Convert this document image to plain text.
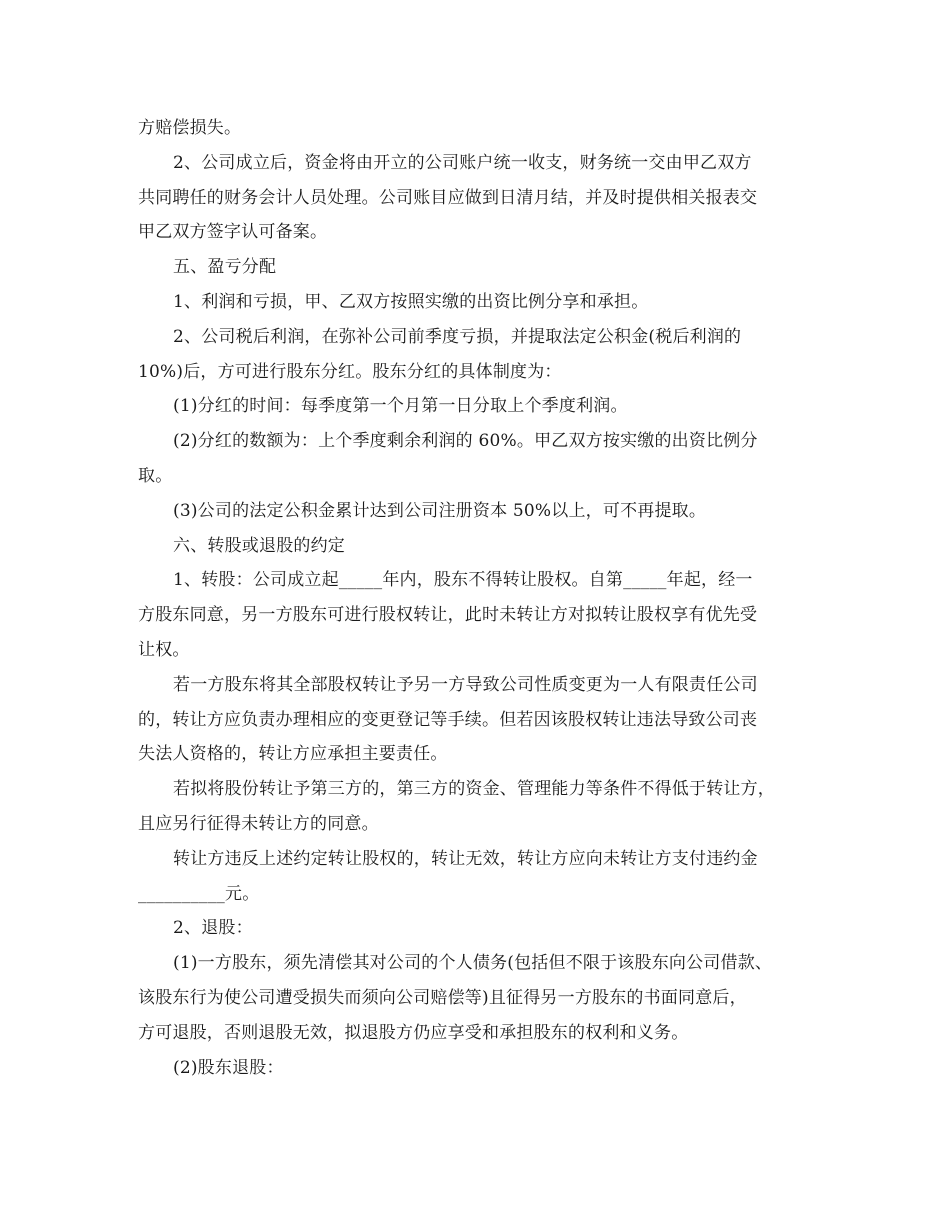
方赔偿损失。
2、公司成立后，资金将由开立的公司账户统一收支，财务统一交由甲乙双方
共同聘任的财务会计人员处理。公司账目应做到日清月结，并及时提供相关报表交
甲乙双方签字认可备案。
五、盈亏分配
1、利润和亏损，甲、乙双方按照实缴的出资比例分享和承担。
2、公司税后利润，在弥补公司前季度亏损，并提取法定公积金(税后利润的
10%)后，方可进行股东分红。股东分红的具体制度为：
(1)分红的时间：每季度第一个月第一日分取上个季度利润。
(2)分红的数额为：上个季度剩余利润的 60%。甲乙双方按实缴的出资比例分
取。
(3)公司的法定公积金累计达到公司注册资本 50%以上，可不再提取。
六、转股或退股的约定
1、转股：公司成立起_____年内，股东不得转让股权。自第_____年起，经一
方股东同意，另一方股东可进行股权转让，此时未转让方对拟转让股权享有优先受
让权。
若一方股东将其全部股权转让予另一方导致公司性质变更为一人有限责任公司
的，转让方应负责办理相应的变更登记等手续。但若因该股权转让违法导致公司丧
失法人资格的，转让方应承担主要责任。
若拟将股份转让予第三方的，第三方的资金、管理能力等条件不得低于转让方，
且应另行征得未转让方的同意。
转让方违反上述约定转让股权的，转让无效，转让方应向未转让方支付违约金
__________元。
2、退股：
(1)一方股东，须先清偿其对公司的个人债务(包括但不限于该股东向公司借款、
该股东行为使公司遭受损失而须向公司赔偿等)且征得另一方股东的书面同意后，
方可退股，否则退股无效，拟退股方仍应享受和承担股东的权利和义务。
(2)股东退股：
